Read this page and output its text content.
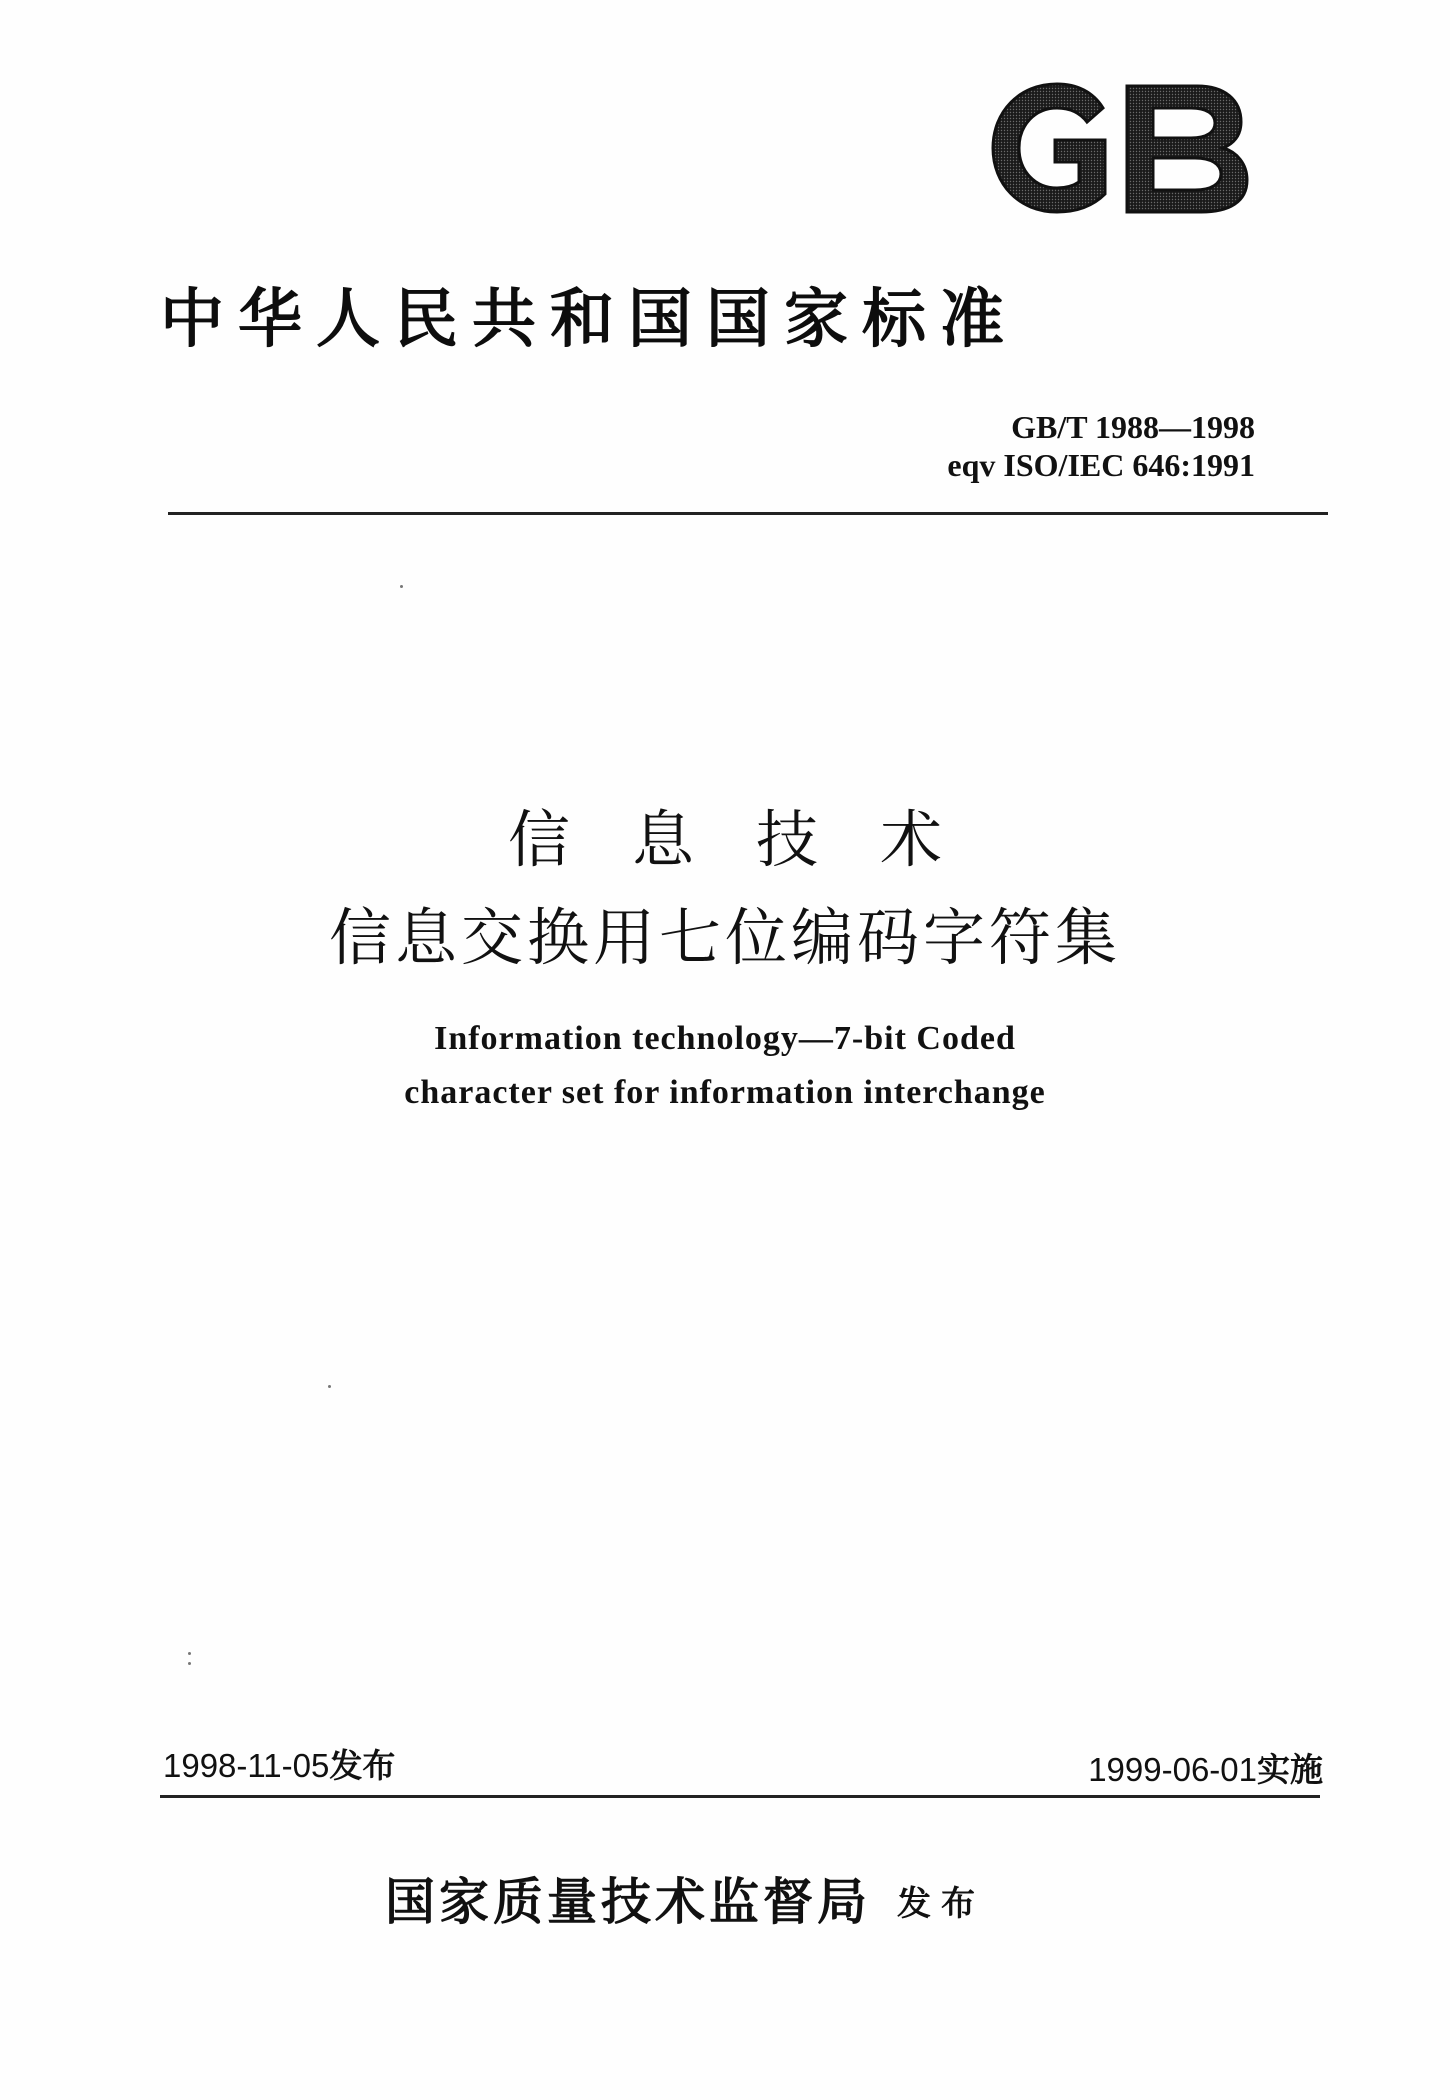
中华人民共和国国家标准
GB/T 1988—1998
eqv ISO/IEC 646:1991
信息技术
信息交换用七位编码字符集
Information technology—7-bit Coded
character set for information interchange
1998-11-05发布	1999-06-01实施
国家质量技术监督局 发布
